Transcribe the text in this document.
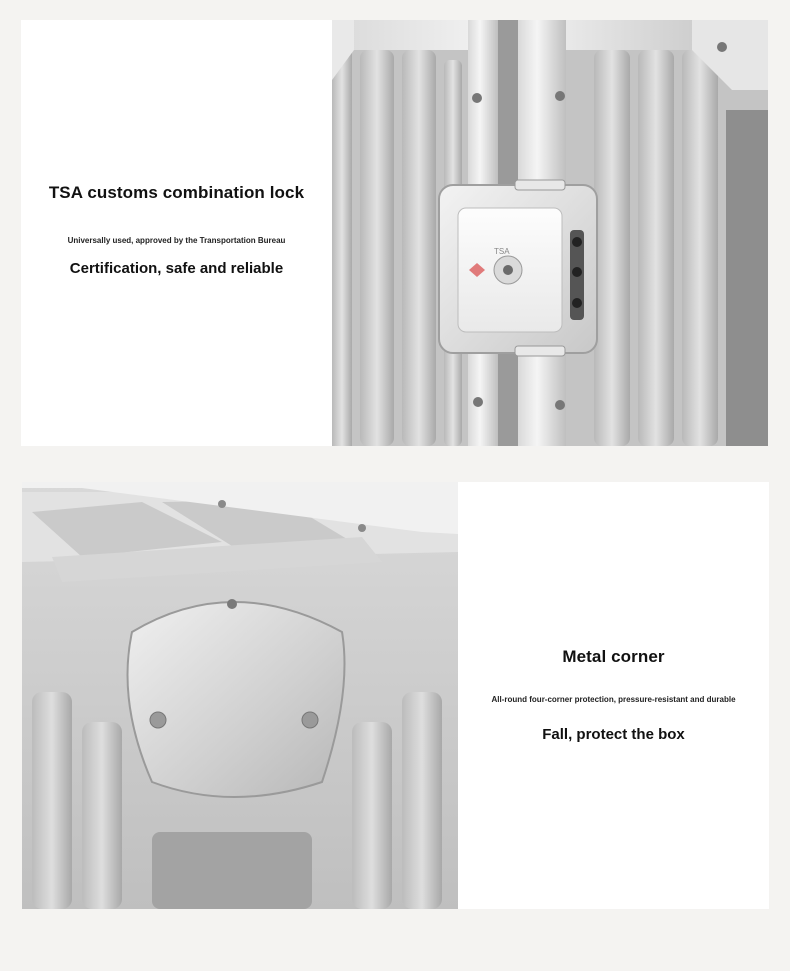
TSA customs combination lock
Universally used, approved by the Transportation Bureau
Certification, safe and reliable
TSA
Metal corner
All-round four-corner protection, pressure-resistant and durable
Fall, protect the box
